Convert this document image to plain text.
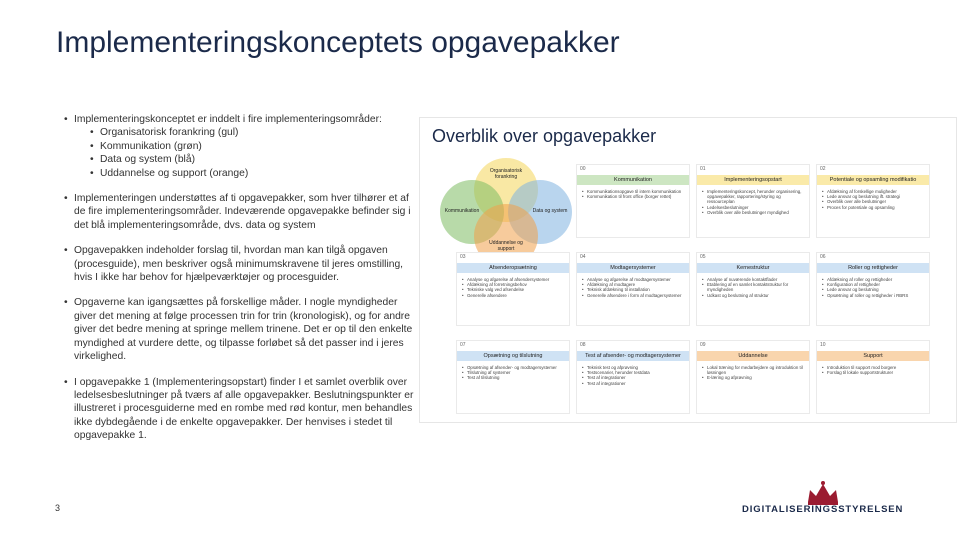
Implementeringskonceptets opgavepakker
• Implementeringskonceptet er inddelt i fire implementeringsområder:
• Organisatorisk forankring (gul)
• Kommunikation (grøn)
• Data og system (blå)
• Uddannelse og support (orange)
• Implementeringen understøttes af ti opgavepakker, som hver tilhører et af de fire implementeringsområder. Indeværende opgavepakke befinder sig i det blå implementeringsområde, dvs. data og system
• Opgavepakken indeholder forslag til, hvordan man kan tilgå opgaven (procesguide), men beskriver også minimumskravene til jeres omstilling, hvis I ikke har behov for hjælpeværktøjer og procesguider.
• Opgaverne kan igangsættes på forskellige måder. I nogle myndigheder giver det mening at følge processen trin for trin (kronologisk), og for andre giver det bedre mening at springe mellem trinene. Det er op til den enkelte myndighed at vurdere dette, og tilpasse forløbet så det passer ind i jeres virkelighed.
• I opgavepakke 1 (Implementeringsopstart) finder I et samlet overblik over ledelsesbeslutninger på tværs af alle opgavepakker. Beslutningspunkter er illustreret i procesguiderne med en rombe med rød kontur, men behandles ikke dybdegående i de enkelte opgavepakker. Der henvises i stedet til opgavepakke 1.
3
Overblik over opgavepakker
Organisatorisk forankring
Kommunikation	Data og system
Uddannelse og support
00
Kommunikation
• Kommunikationsopgave til intern kommunikation
• Kommunikation til front office (borger rettet)
01
Implementeringsopstart
• Implementeringskoncept, herunder organisering, opgavepakker, rapportering/styring og ressourceplan
• Ledelsesbeslutninger
• Overblik over alle beslutninger myndighed
02
Potentiale og opsamling modifikatio
• Afdækning af forskellige muligheder
• Lede ansvar og beslutning ift. strategi
• Overblik over alle beslutninger
• Proces for potentiale og opsamling
03
Afsenderopsætning
• Analyse og afgørelse af afsendersystemer
• Afdækning af forretningsbehov
• Tekniske valg ved afsendelse
• Generelle afsendere
04
Modtagersystemer
• Analyse og afgørelse af modtagersystemer
• Afdækning af modtagere
• Teknisk afdækning til installation
• Generelle afsendere i form af modtagersystemer
05
Kernestruktur
• Analyse af nuværende kontaktflader
• Etablering af en samlet kontaktstruktur for myndigheden
• Udkast og beslutning af struktur
06
Roller og rettigheder
• Afdækning af roller og rettigheder
• Konfiguration af rettigheder
• Lede ansvar og beslutning
• Opsætning af roller og rettigheder i RBRS
07
Opsætning og tilslutning
• Opsætning af afsender- og modtagersystemer
• Tilslutning af systemer
• Test af tilslutning
08
Test af afsender- og modtagersystemer
• Teknisk test og afprøvning
• Testscenarier, herunder testdata
• Test af integrationer
• Test af integrationer
09
Uddannelse
• Lokal træning for medarbejdere og introduktion til løsningen
• E-læring og afprøvning
10
Support
• Introduktion til support mod borgere
• Forslag til lokale supportstrukturer
DIGITALISERINGSSTYRELSEN
